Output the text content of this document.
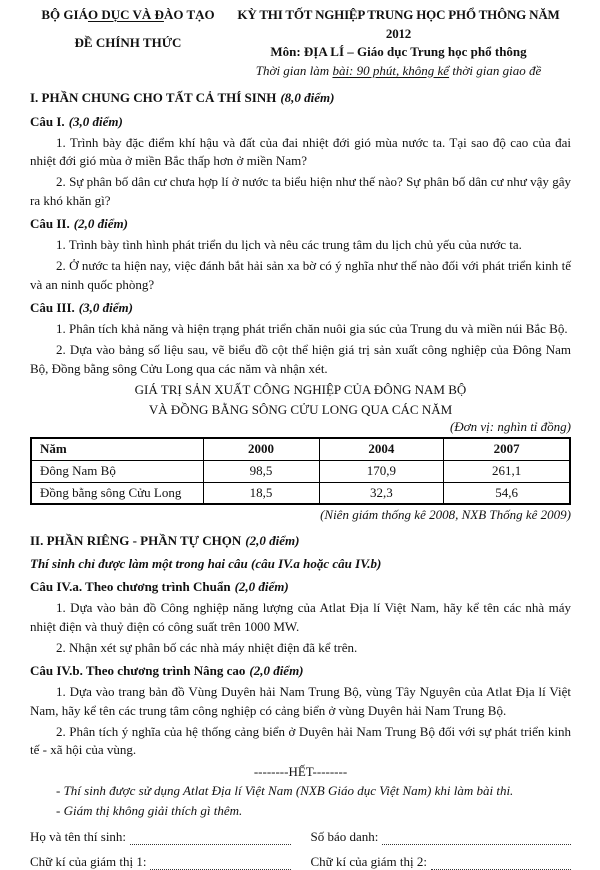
BỘ GIÁO DỤC VÀ ĐÀO TẠO
ĐỀ CHÍNH THỨC
KỲ THI TỐT NGHIỆP TRUNG HỌC PHỔ THÔNG NĂM 2012
Môn: ĐỊA LÍ – Giáo dục Trung học phổ thông
Thời gian làm bài: 90 phút, không kể thời gian giao đề
I. PHẦN CHUNG CHO TẤT CẢ THÍ SINH (8,0 điểm)
Câu I. (3,0 điểm)
1. Trình bày đặc điểm khí hậu và đất của đai nhiệt đới gió mùa nước ta. Tại sao độ cao của đai nhiệt đới gió mùa ở miền Bắc thấp hơn ở miền Nam?
2. Sự phân bố dân cư chưa hợp lí ở nước ta biểu hiện như thế nào? Sự phân bố dân cư như vậy gây ra khó khăn gì?
Câu II. (2,0 điểm)
1. Trình bày tình hình phát triển du lịch và nêu các trung tâm du lịch chủ yếu của nước ta.
2. Ở nước ta hiện nay, việc đánh bắt hải sản xa bờ có ý nghĩa như thế nào đối với phát triển kinh tế và an ninh quốc phòng?
Câu III. (3,0 điểm)
1. Phân tích khả năng và hiện trạng phát triển chăn nuôi gia súc của Trung du và miền núi Bắc Bộ.
2. Dựa vào bảng số liệu sau, vẽ biểu đồ cột thể hiện giá trị sản xuất công nghiệp của Đông Nam Bộ, Đồng bằng sông Cửu Long qua các năm và nhận xét.
GIÁ TRỊ SẢN XUẤT CÔNG NGHIỆP CỦA ĐÔNG NAM BỘ
VÀ ĐỒNG BẰNG SÔNG CỬU LONG QUA CÁC NĂM
(Đơn vị: nghìn tỉ đồng)
Năm	2000	2004	2007
Đông Nam Bộ	98,5	170,9	261,1
Đồng bằng sông Cửu Long	18,5	32,3	54,6
(Niên giám thống kê 2008, NXB Thống kê 2009)
II. PHẦN RIÊNG - PHẦN TỰ CHỌN (2,0 điểm)
Thí sinh chỉ được làm một trong hai câu (câu IV.a hoặc câu IV.b)
Câu IV.a. Theo chương trình Chuẩn (2,0 điểm)
1. Dựa vào bản đồ Công nghiệp năng lượng của Atlat Địa lí Việt Nam, hãy kể tên các nhà máy nhiệt điện và thuỷ điện có công suất trên 1000 MW.
2. Nhận xét sự phân bố các nhà máy nhiệt điện đã kể trên.
Câu IV.b. Theo chương trình Nâng cao (2,0 điểm)
1. Dựa vào trang bản đồ Vùng Duyên hải Nam Trung Bộ, vùng Tây Nguyên của Atlat Địa lí Việt Nam, hãy kể tên các trung tâm công nghiệp có cảng biển ở vùng Duyên hải Nam Trung Bộ.
2. Phân tích ý nghĩa của hệ thống cảng biển ở Duyên hải Nam Trung Bộ đối với sự phát triển kinh tế - xã hội của vùng.
--------HẾT--------
- Thí sinh được sử dụng Atlat Địa lí Việt Nam (NXB Giáo dục Việt Nam) khi làm bài thi.
- Giám thị không giải thích gì thêm.
Họ và tên thí sinh:	Số báo danh:
Chữ kí của giám thị 1:	Chữ kí của giám thị 2:
